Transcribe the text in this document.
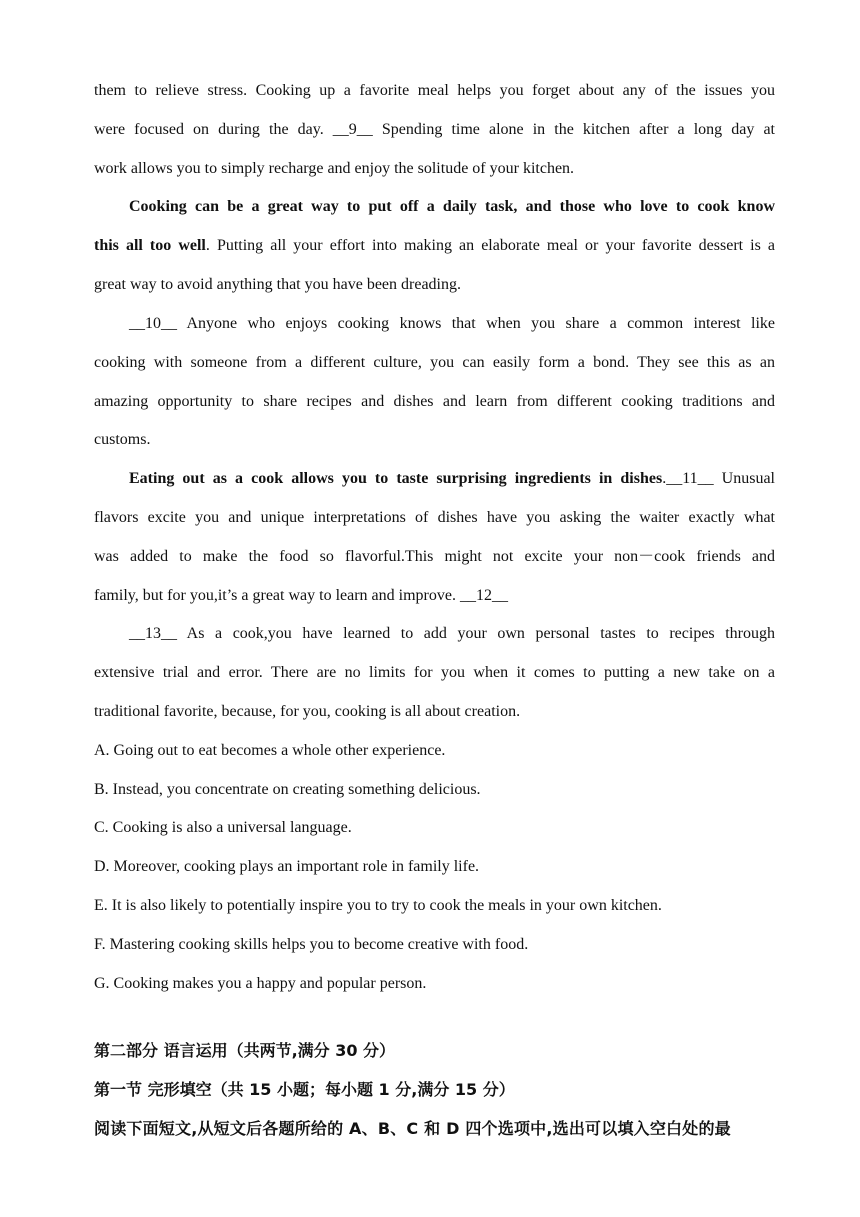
them to relieve stress. Cooking up a favorite meal helps you forget about any of the issues you
were focused on during the day. __9__ Spending time alone in the kitchen after a long day at
work allows you to simply recharge and enjoy the solitude of your kitchen.
Cooking can be a great way to put off a daily task, and those who love to cook know
this all too well. Putting all your effort into making an elaborate meal or your favorite dessert is a
great way to avoid anything that you have been dreading.
__10__ Anyone who enjoys cooking knows that when you share a common interest like
cooking with someone from a different culture, you can easily form a bond. They see this as an
amazing opportunity to share recipes and dishes and learn from different cooking traditions and
customs.
Eating out as a cook allows you to taste surprising ingredients in dishes.__11__ Unusual
flavors excite you and unique interpretations of dishes have you asking the waiter exactly what
was added to make the food so flavorful.This might not excite your non－cook friends and
family, but for you,it’s a great way to learn and improve. __12__
__13__ As a cook,you have learned to add your own personal tastes to recipes through
extensive trial and error. There are no limits for you when it comes to putting a new take on a
traditional favorite, because, for you, cooking is all about creation.
A. Going out to eat becomes a whole other experience.
B. Instead, you concentrate on creating something delicious.
C. Cooking is also a universal language.
D. Moreover, cooking plays an important role in family life.
E. It is also likely to potentially inspire you to try to cook the meals in your own kitchen.
F. Mastering cooking skills helps you to become creative with food.
G. Cooking makes you a happy and popular person.
第二部分 语言运用（共两节,满分 30 分）
第一节 完形填空（共 15 小题；每小题 1 分,满分 15 分）
阅读下面短文,从短文后各题所给的 A、B、C 和 D 四个选项中,选出可以填入空白处的最
